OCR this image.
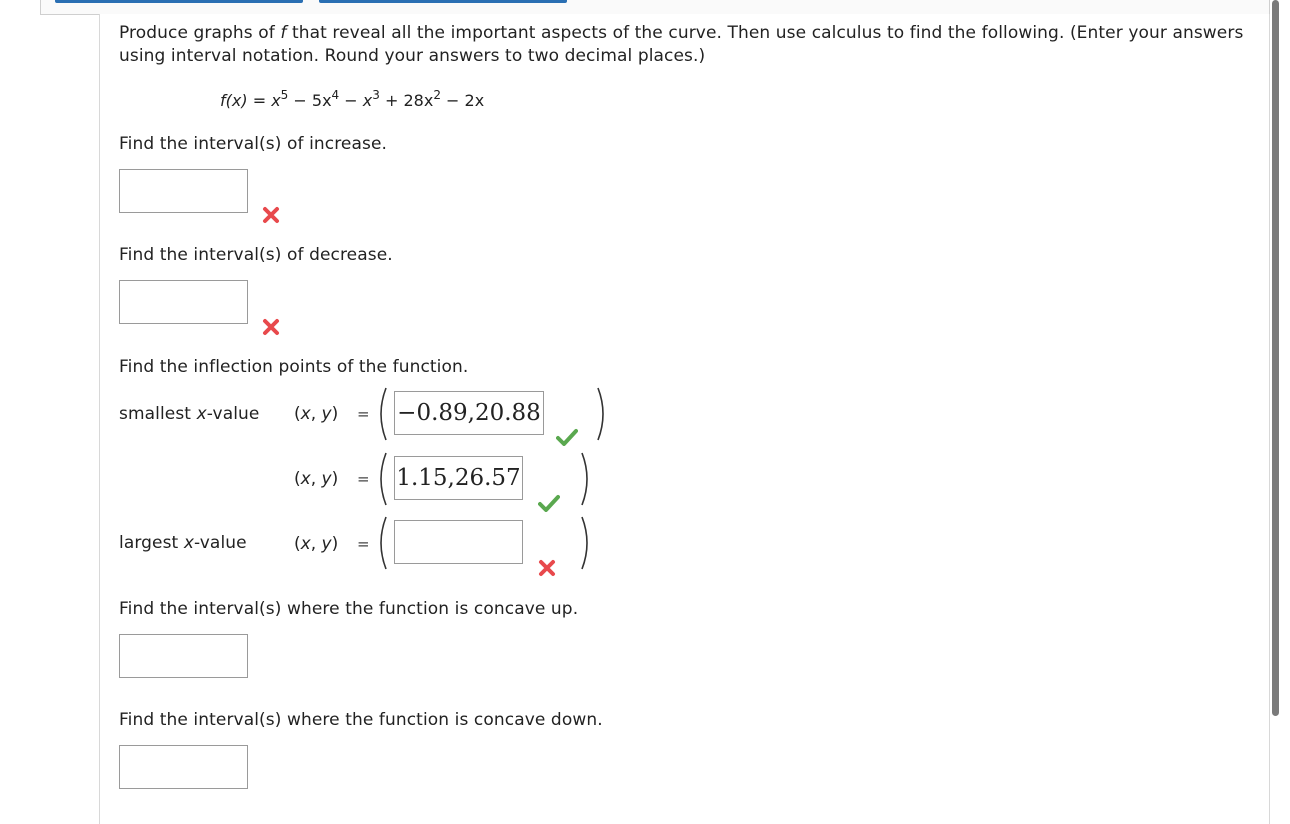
Produce graphs of f that reveal all the important aspects of the curve. Then use calculus to find the following. (Enter your answers using interval notation. Round your answers to two decimal places.)
$f(x) = x^5 - 5x^4 - x^3 + 28x^2 - 2x$
Find the interval(s) of increase.
Find the interval(s) of decrease.
Find the inflection points of the function.
smallest x-value (x, y) = −0.89,20.88
(x, y) = 1.15,26.57
largest x-value	(x, y) =
Find the interval(s) where the function is concave up.
Find the interval(s) where the function is concave down.
